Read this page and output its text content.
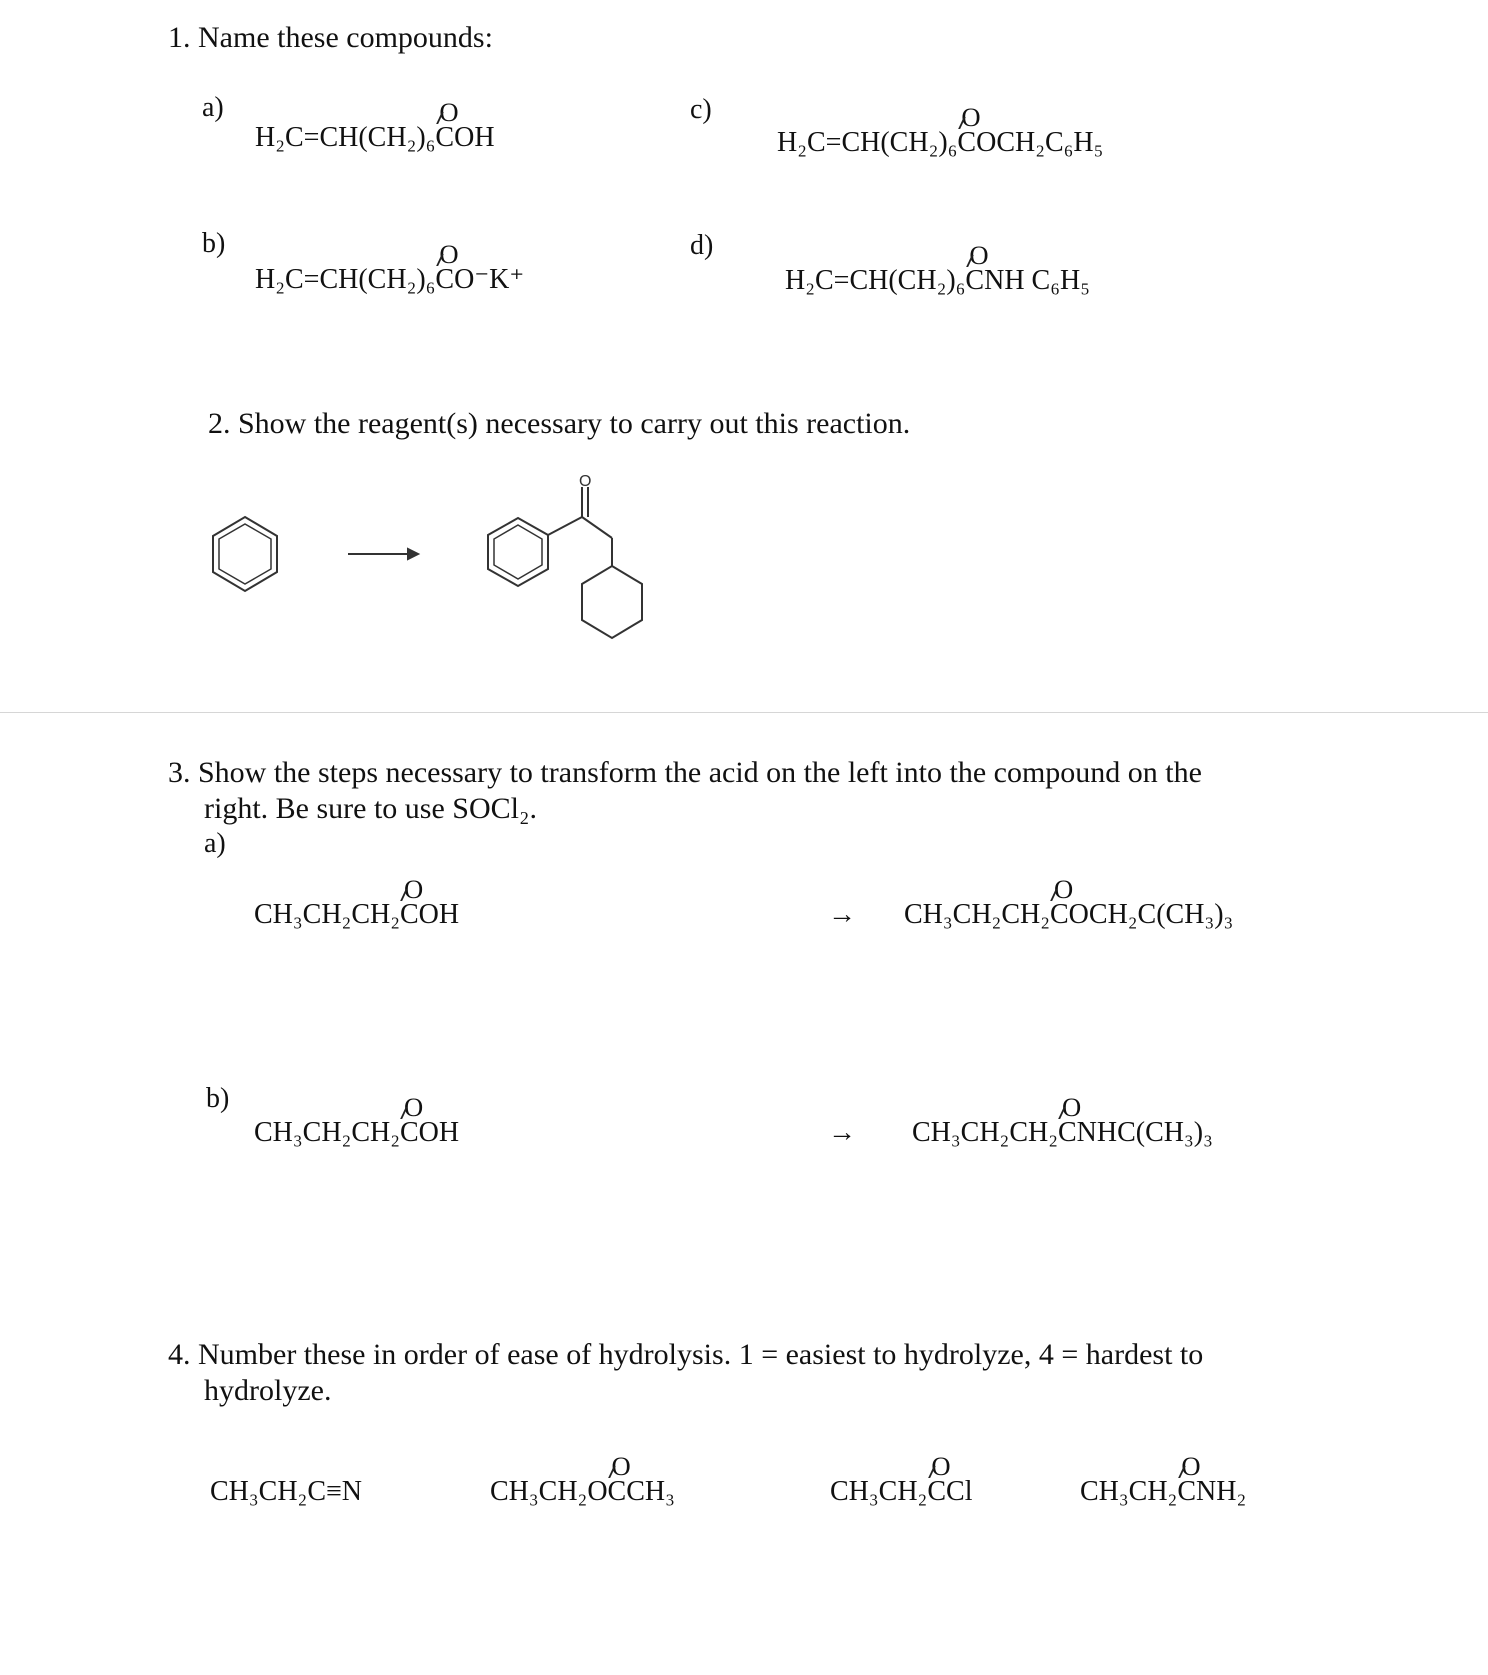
1. Name these compounds:
a)
H₂C=CH(CH₂)₆
O
COH
c)
H₂C=CH(CH₂)₆
O
COCH₂C₆H₅
b)
H₂C=CH(CH₂)₆
O
CO⁻K⁺
d)
H₂C=CH(CH₂)₆
O
CNH C₆H₅
2. Show the reagent(s) necessary to carry out this reaction.
O
3. Show the steps necessary to transform the acid on the left into the compound on the
right. Be sure to use SOCl₂.
a)
CH₃CH₂CH₂
O
COH	→ CH₃CH₂CH₂
O
COCH₂C(CH₃)₃
b)
CH₃CH₂CH₂
O
COH	→ CH₃CH₂CH₂
O
CNHC(CH₃)₃
4. Number these in order of ease of hydrolysis. 1 = easiest to hydrolyze, 4 = hardest to
hydrolyze.
CH₃CH₂C≡N	CH₃CH₂O
O
CCH₃	CH₃CH₂
O
CCl	CH₃CH₂
O
CNH₂
